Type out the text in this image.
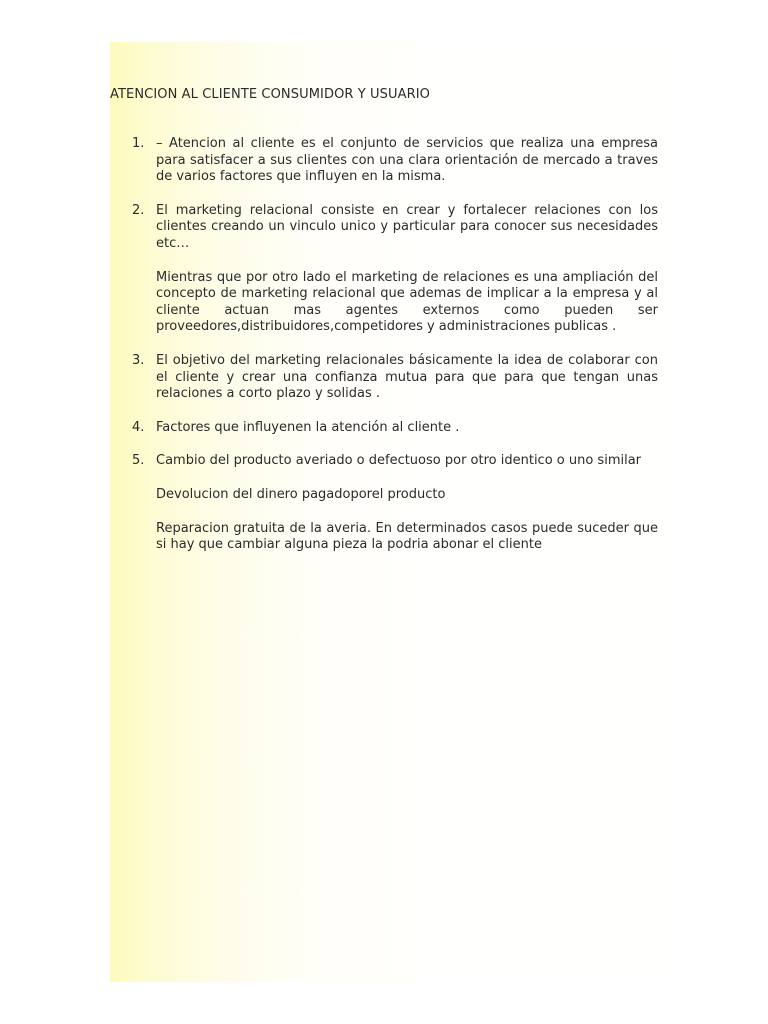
ATENCION AL CLIENTE CONSUMIDOR Y USUARIO
1. – Atencion al cliente es el conjunto de servicios que realiza una empresa para satisfacer a sus clientes con una clara orientación de mercado a traves de varios factores que influyen en la misma.

2. El marketing relacional consiste en crear y fortalecer relaciones con los clientes creando un vinculo unico y particular para conocer sus necesidades etc…

Mientras que por otro lado el marketing de relaciones es una ampliación del concepto de marketing relacional que ademas de implicar a la empresa y al cliente actuan mas agentes externos como pueden ser proveedores,distribuidores,competidores y administraciones publicas .

3. El objetivo del marketing relacionales básicamente la idea de colaborar con el cliente y crear una confianza mutua para que para que tengan unas relaciones a corto plazo y solidas .

4. Factores que influyenen la atención al cliente .

5. Cambio del producto averiado o defectuoso por otro identico o uno similar

Devolucion del dinero pagadoporel producto

Reparacion gratuita de la averia. En determinados casos puede suceder que si hay que cambiar alguna pieza la podria abonar el cliente
